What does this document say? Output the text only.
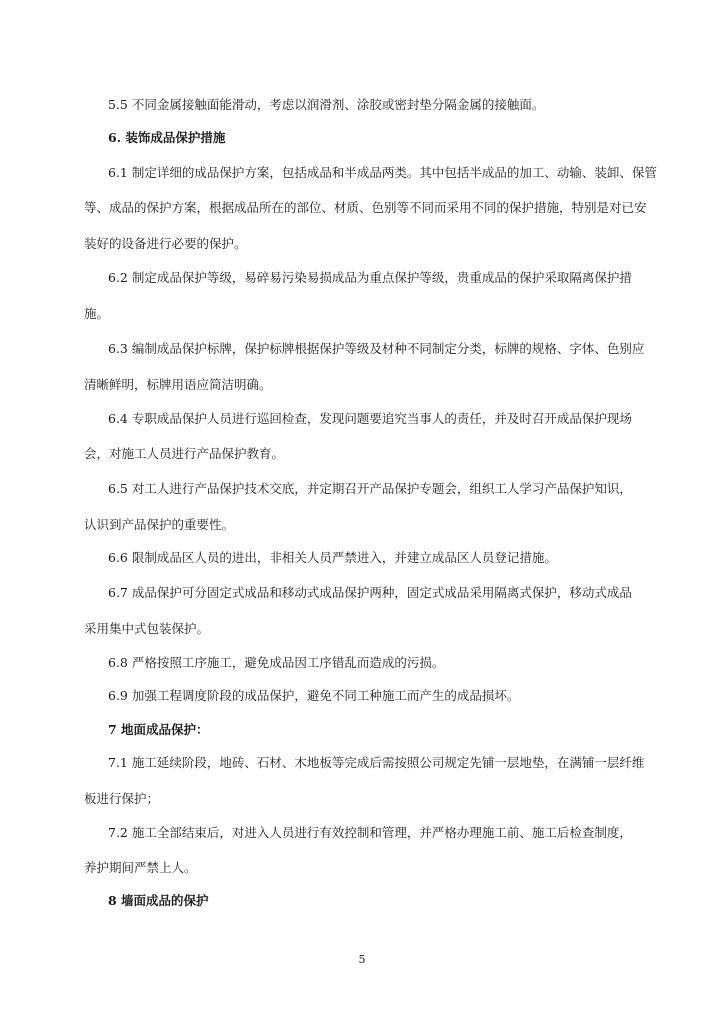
5.5 不同金属接触面能滑动，考虑以润滑剂、涂胶或密封垫分隔金属的接触面。
6. 装饰成品保护措施
6.1 制定详细的成品保护方案，包括成品和半成品两类。其中包括半成品的加工、动输、装卸、保管
等、成品的保护方案，根据成品所在的部位、材质、色别等不同而采用不同的保护措施，特别是对已安
装好的设备进行必要的保护。
6.2 制定成品保护等级，易碎易污染易损成品为重点保护等级，贵重成品的保护采取隔离保护措
施。
6.3 编制成品保护标牌，保护标牌根据保护等级及材种不同制定分类，标牌的规格、字体、色别应
清晰鲜明，标牌用语应简洁明确。
6.4 专职成品保护人员进行巡回检查，发现问题要追究当事人的责任，并及时召开成品保护现场
会，对施工人员进行产品保护教育。
6.5 对工人进行产品保护技术交底，并定期召开产品保护专题会，组织工人学习产品保护知识，
认识到产品保护的重要性。
6.6 限制成品区人员的进出，非相关人员严禁进入，并建立成品区人员登记措施。
6.7 成品保护可分固定式成品和移动式成品保护两种，固定式成品采用隔离式保护，移动式成品
采用集中式包装保护。
6.8 严格按照工序施工，避免成品因工序错乱而造成的污损。
6.9 加强工程调度阶段的成品保护，避免不同工种施工而产生的成品损坏。
7 地面成品保护：
7.1 施工延续阶段，地砖、石材、木地板等完成后需按照公司规定先铺一层地垫，在满铺一层纤维
板进行保护；
7.2 施工全部结束后，对进入人员进行有效控制和管理，并严格办理施工前、施工后检查制度，
养护期间严禁上人。
8 墙面成品的保护
5
